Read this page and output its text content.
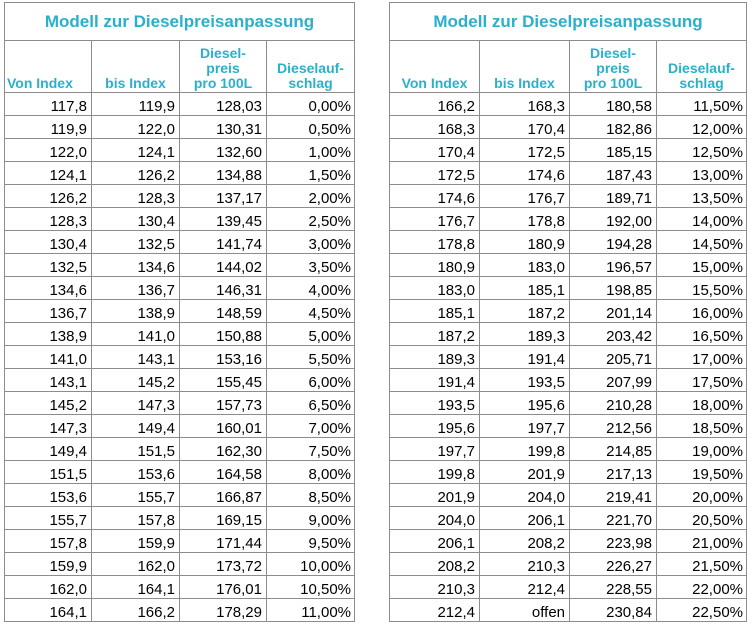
Modell zur Dieselpreisanpassung			
Von Index	bis Index	Diesel-
preis
pro 100L	Dieselauf-
schlag
117,8	119,9	128,03	0,00%
119,9	122,0	130,31	0,50%
122,0	124,1	132,60	1,00%
124,1	126,2	134,88	1,50%
126,2	128,3	137,17	2,00%
128,3	130,4	139,45	2,50%
130,4	132,5	141,74	3,00%
132,5	134,6	144,02	3,50%
134,6	136,7	146,31	4,00%
136,7	138,9	148,59	4,50%
138,9	141,0	150,88	5,00%
141,0	143,1	153,16	5,50%
143,1	145,2	155,45	6,00%
145,2	147,3	157,73	6,50%
147,3	149,4	160,01	7,00%
149,4	151,5	162,30	7,50%
151,5	153,6	164,58	8,00%
153,6	155,7	166,87	8,50%
155,7	157,8	169,15	9,00%
157,8	159,9	171,44	9,50%
159,9	162,0	173,72	10,00%
162,0	164,1	176,01	10,50%
164,1	166,2	178,29	11,00%
Modell zur Dieselpreisanpassung			
Von Index	bis Index	Diesel-
preis
pro 100L	Dieselauf-
schlag
166,2	168,3	180,58	11,50%
168,3	170,4	182,86	12,00%
170,4	172,5	185,15	12,50%
172,5	174,6	187,43	13,00%
174,6	176,7	189,71	13,50%
176,7	178,8	192,00	14,00%
178,8	180,9	194,28	14,50%
180,9	183,0	196,57	15,00%
183,0	185,1	198,85	15,50%
185,1	187,2	201,14	16,00%
187,2	189,3	203,42	16,50%
189,3	191,4	205,71	17,00%
191,4	193,5	207,99	17,50%
193,5	195,6	210,28	18,00%
195,6	197,7	212,56	18,50%
197,7	199,8	214,85	19,00%
199,8	201,9	217,13	19,50%
201,9	204,0	219,41	20,00%
204,0	206,1	221,70	20,50%
206,1	208,2	223,98	21,00%
208,2	210,3	226,27	21,50%
210,3	212,4	228,55	22,00%
212,4	offen	230,84	22,50%
